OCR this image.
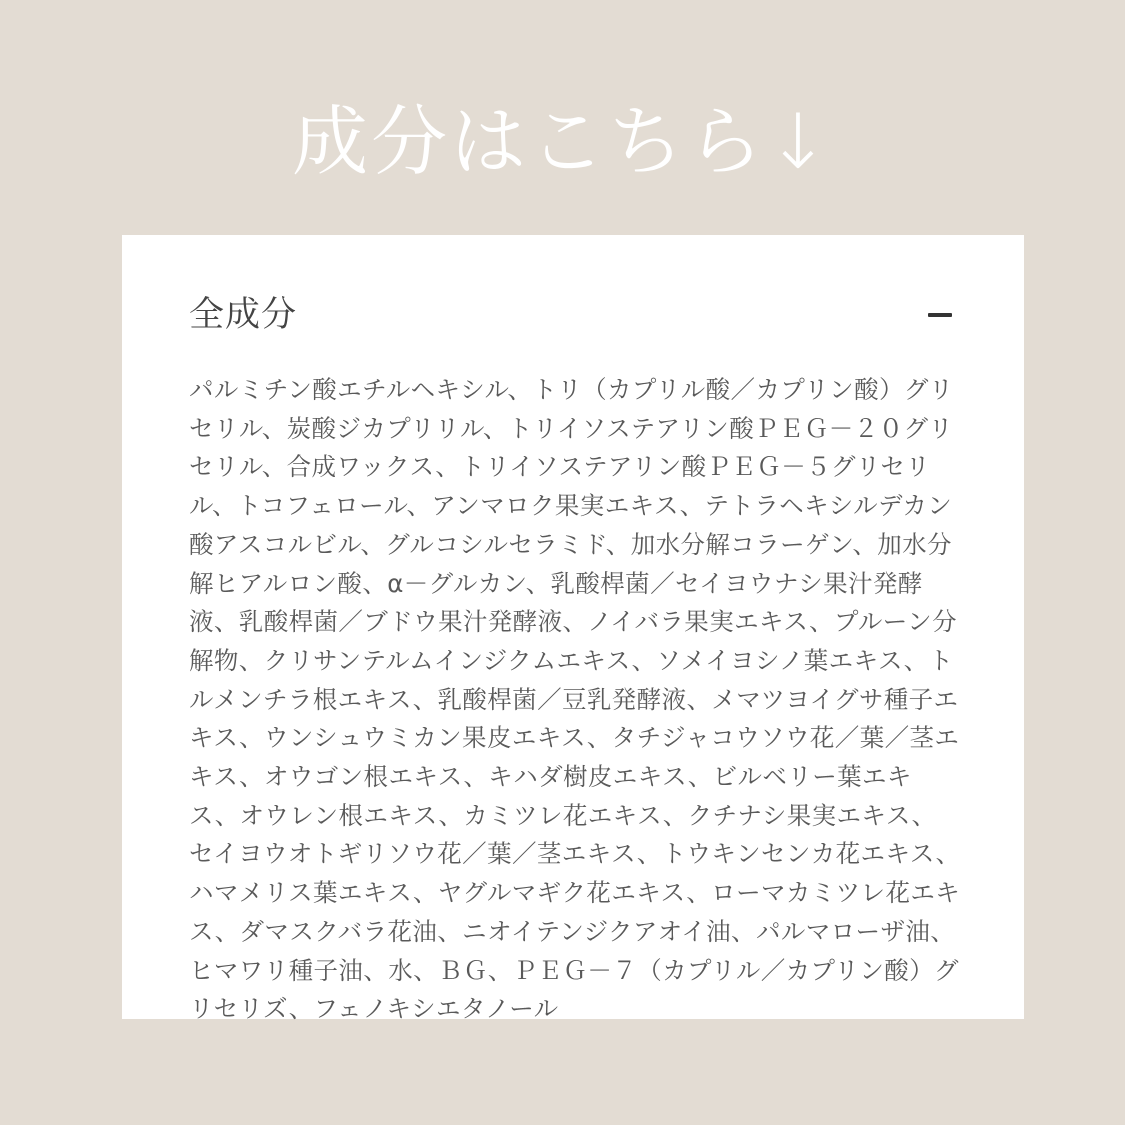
成分はこちら↓
全成分

パルミチン酸エチルヘキシル、トリ（カプリル酸／カプリン酸）グリセリル、炭酸ジカプリリル、トリイソステアリン酸ＰＥＧ－２０グリセリル、合成ワックス、トリイソステアリン酸ＰＥＧ－５グリセリル、トコフェロール、アンマロク果実エキス、テトラヘキシルデカン酸アスコルビル、グルコシルセラミド、加水分解コラーゲン、加水分解ヒアルロン酸、α－グルカン、乳酸桿菌／セイヨウナシ果汁発酵液、乳酸桿菌／ブドウ果汁発酵液、ノイバラ果実エキス、プルーン分解物、クリサンテルムインジクムエキス、ソメイヨシノ葉エキス、トルメンチラ根エキス、乳酸桿菌／豆乳発酵液、メマツヨイグサ種子エキス、ウンシュウミカン果皮エキス、タチジャコウソウ花／葉／茎エキス、オウゴン根エキス、キハダ樹皮エキス、ビルベリー葉エキス、オウレン根エキス、カミツレ花エキス、クチナシ果実エキス、セイヨウオトギリソウ花／葉／茎エキス、トウキンセンカ花エキス、ハマメリス葉エキス、ヤグルマギク花エキス、ローマカミツレ花エキス、ダマスクバラ花油、ニオイテンジクアオイ油、パルマローザ油、ヒマワリ種子油、水、ＢＧ、ＰＥＧ－７（カプリル／カプリン酸）グリセリズ、フェノキシエタノール
